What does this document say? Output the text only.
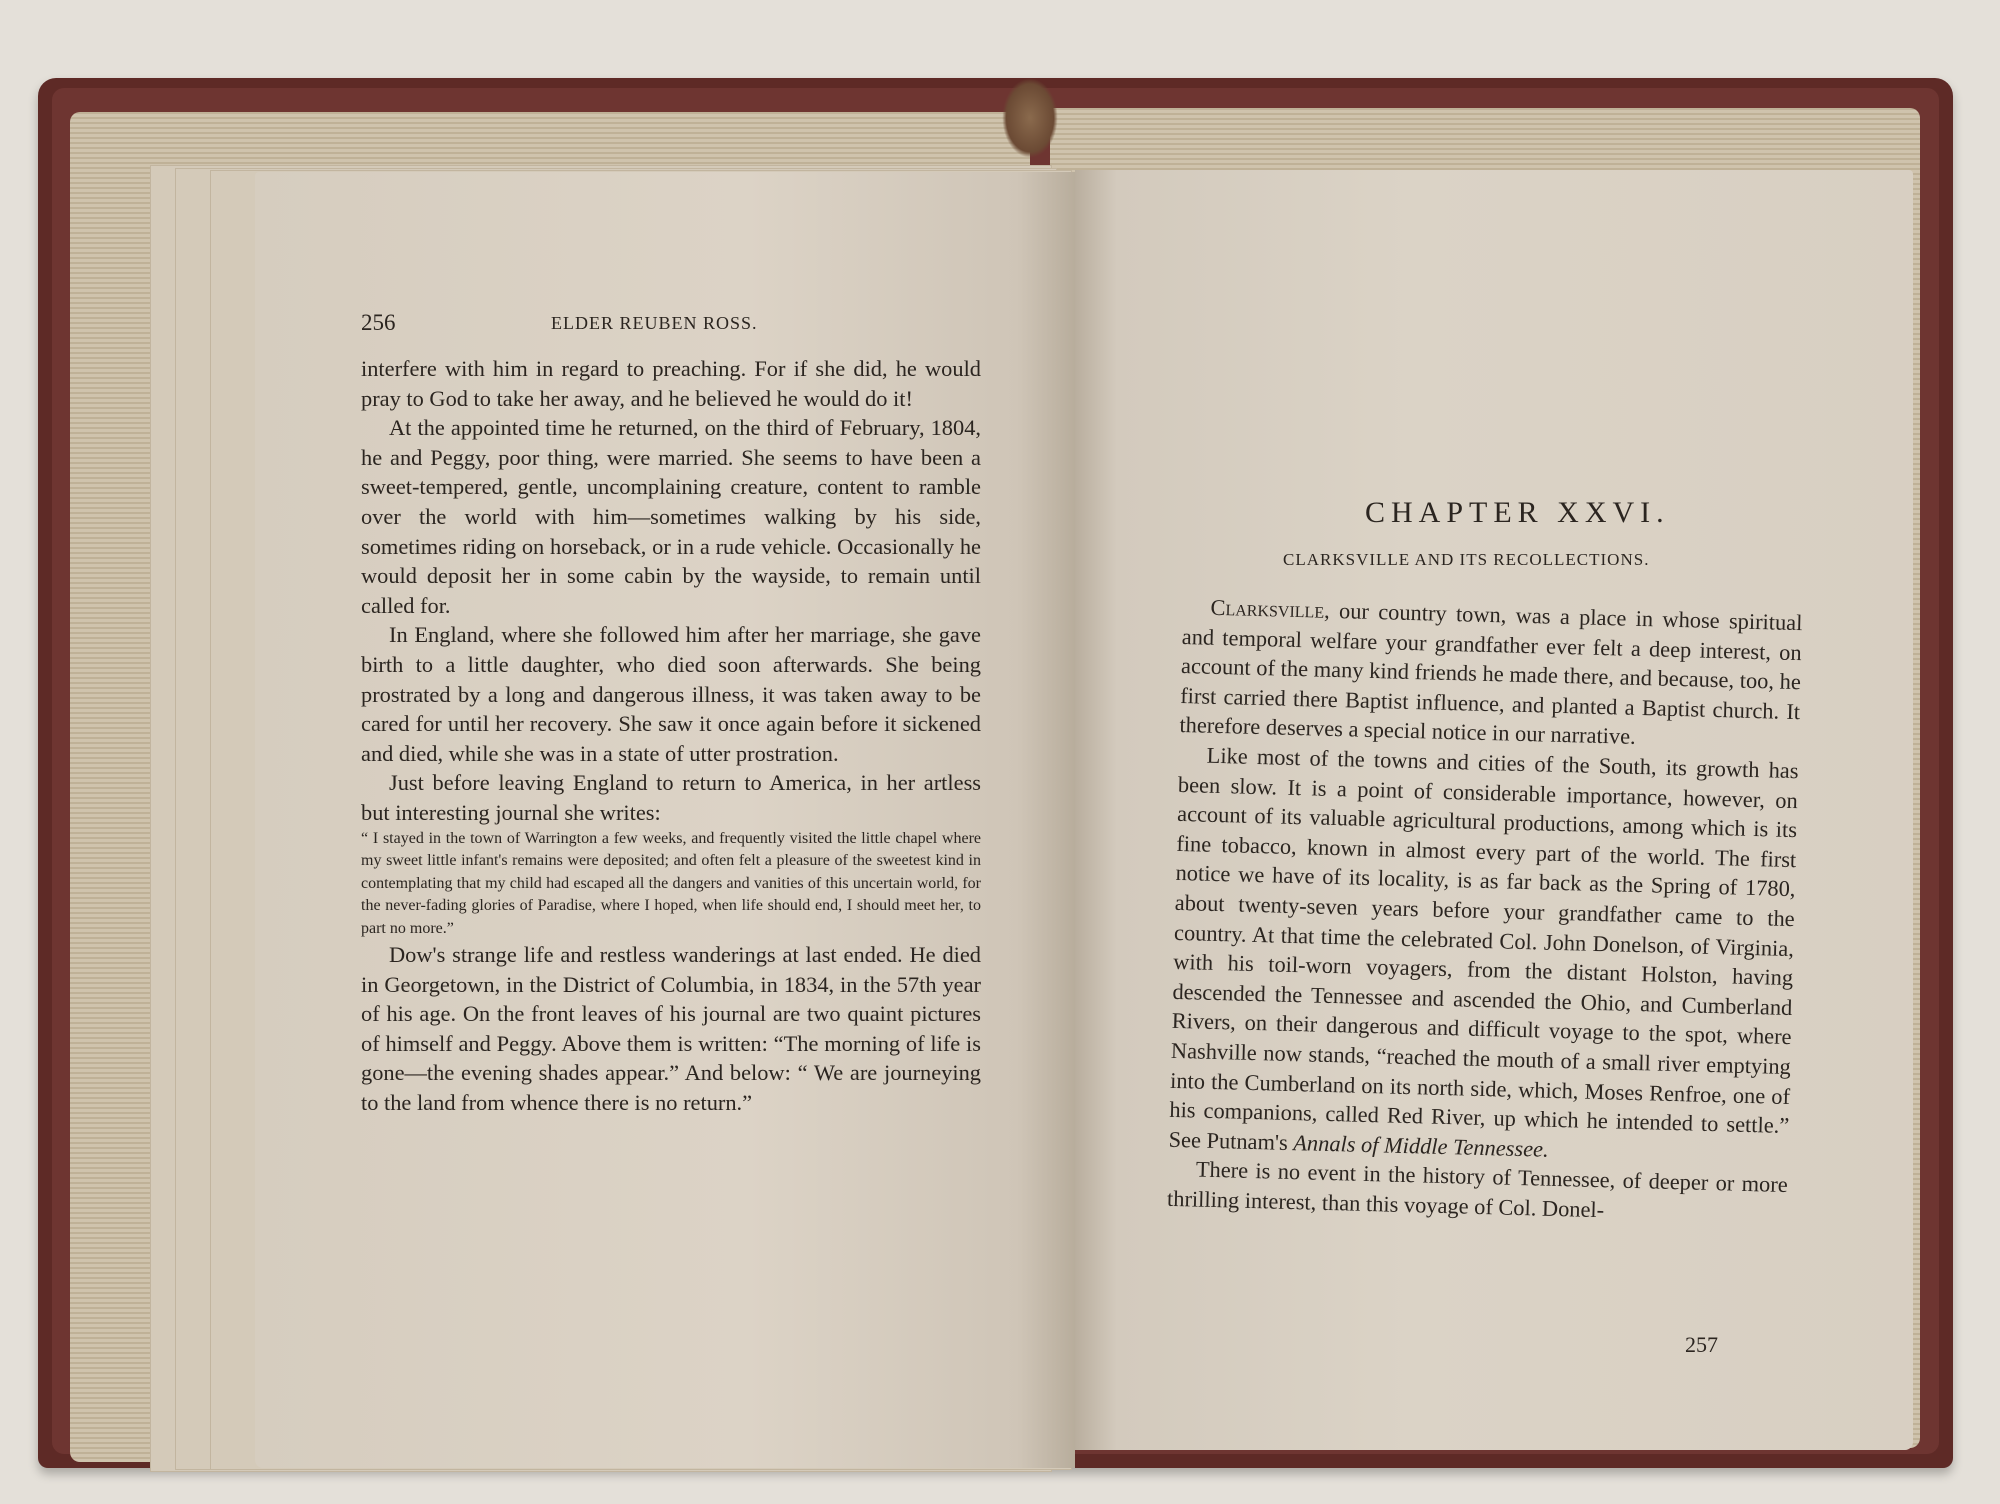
256	ELDER REUBEN ROSS.

interfere with him in regard to preaching. For if she did, he would pray to God to take her away, and he believed he would do it!

At the appointed time he returned, on the third of February, 1804, he and Peggy, poor thing, were married. She seems to have been a sweet-tempered, gentle, uncomplaining creature, content to ramble over the world with him—sometimes walking by his side, sometimes riding on horseback, or in a rude vehicle. Occasionally he would deposit her in some cabin by the wayside, to remain until called for.

In England, where she followed him after her marriage, she gave birth to a little daughter, who died soon afterwards. She being prostrated by a long and dangerous illness, it was taken away to be cared for until her recovery. She saw it once again before it sickened and died, while she was in a state of utter prostration.

Just before leaving England to return to America, in her artless but interesting journal she writes:

“ I stayed in the town of Warrington a few weeks, and frequently visited the little chapel where my sweet little infant's remains were deposited; and often felt a pleasure of the sweetest kind in contemplating that my child had escaped all the dangers and vanities of this uncertain world, for the never-fading glories of Paradise, where I hoped, when life should end, I should meet her, to part no more.”

Dow's strange life and restless wanderings at last ended. He died in Georgetown, in the District of Columbia, in 1834, in the 57th year of his age. On the front leaves of his journal are two quaint pictures of himself and Peggy. Above them is written: “The morning of life is gone—the evening shades appear.” And below: “ We are journeying to the land from whence there is no return.”

CHAPTER XXVI.
CLARKSVILLE AND ITS RECOLLECTIONS.

Clarksville, our country town, was a place in whose spiritual and temporal welfare your grandfather ever felt a deep interest, on account of the many kind friends he made there, and because, too, he first carried there Baptist influence, and planted a Baptist church. It therefore deserves a special notice in our narrative.

Like most of the towns and cities of the South, its growth has been slow. It is a point of considerable importance, however, on account of its valuable agricultural productions, among which is its fine tobacco, known in almost every part of the world. The first notice we have of its locality, is as far back as the Spring of 1780, about twenty-seven years before your grandfather came to the country. At that time the celebrated Col. John Donelson, of Virginia, with his toil-worn voyagers, from the distant Holston, having descended the Tennessee and ascended the Ohio, and Cumberland Rivers, on their dangerous and difficult voyage to the spot, where Nashville now stands, “reached the mouth of a small river emptying into the Cumberland on its north side, which, Moses Renfroe, one of his companions, called Red River, up which he intended to settle.” See Putnam's Annals of Middle Tennessee.

There is no event in the history of Tennessee, of deeper or more thrilling interest, than this voyage of Col. Donel-

257
